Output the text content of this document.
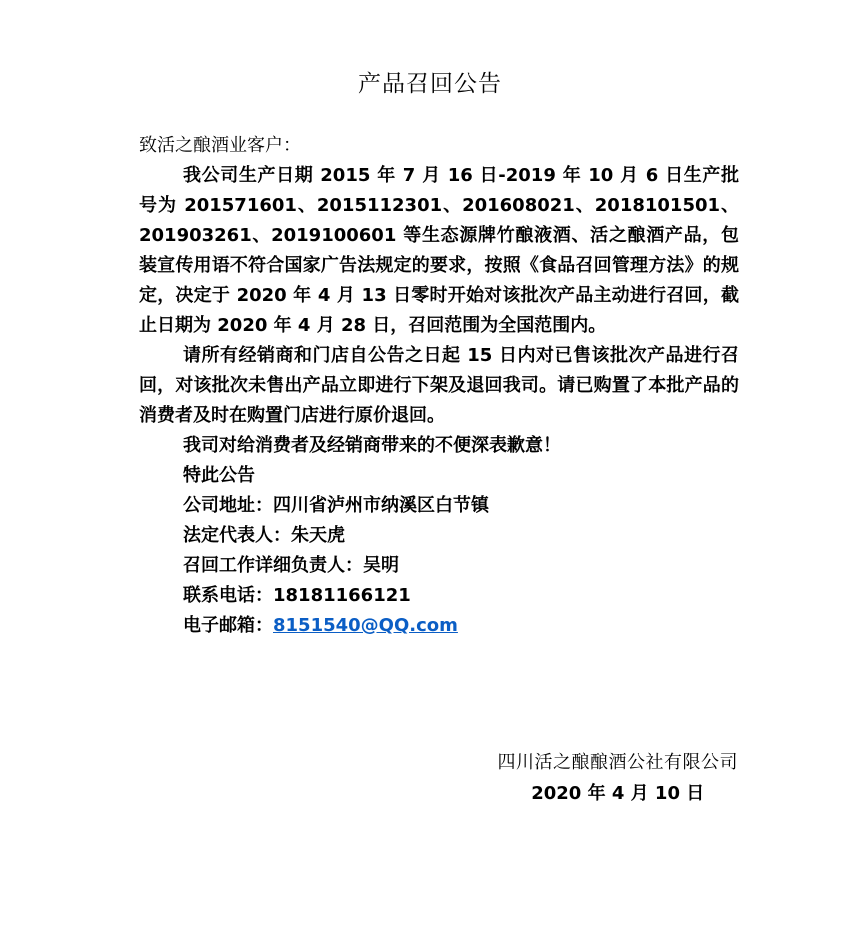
产品召回公告

致活之酿酒业客户：

我公司生产日期 2015 年 7 月 16 日-2019 年 10 月 6 日生产批号为 201571601、2015112301、201608021、2018101501、201903261、2019100601 等生态源牌竹酿液酒、活之酿酒产品，包装宣传用语不符合国家广告法规定的要求，按照《食品召回管理方法》的规定，决定于 2020 年 4 月 13 日零时开始对该批次产品主动进行召回，截止日期为 2020 年 4 月 28 日，召回范围为全国范围内。

请所有经销商和门店自公告之日起 15 日内对已售该批次产品进行召回，对该批次未售出产品立即进行下架及退回我司。请已购置了本批产品的消费者及时在购置门店进行原价退回。

我司对给消费者及经销商带来的不便深表歉意！

特此公告

公司地址：四川省泸州市纳溪区白节镇

法定代表人：朱天虎

召回工作详细负责人：吴明

联系电话：18181166121

电子邮箱：8151540@QQ.com

四川活之酿酿酒公社有限公司
2020 年 4 月 10 日
